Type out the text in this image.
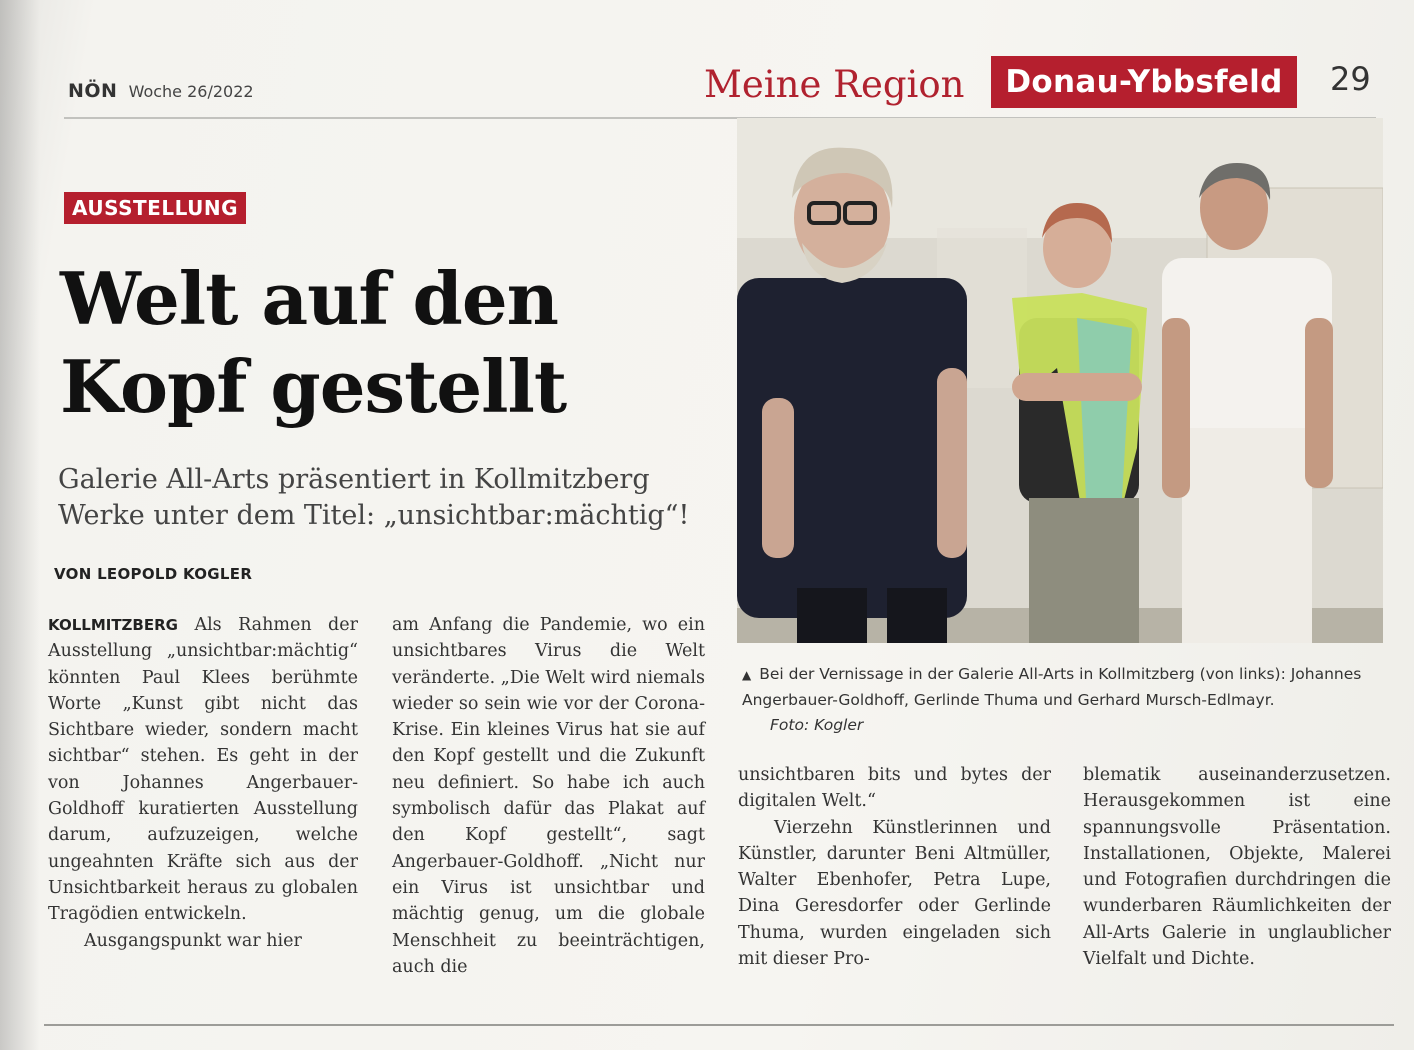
NÖN Woche 26/2022	Meine Region	Donau-Ybbsfeld	29
AUSSTELLUNG
Welt auf den
Kopf gestellt
Galerie All-Arts präsentiert in Kollmitzberg
Werke unter dem Titel: „unsichtbar:mächtig“!
VON LEOPOLD KOGLER

KOLLMITZBERG Als Rahmen der Ausstellung „unsichtbar:mächtig“ könnten Paul Klees berühmte Worte „Kunst gibt nicht das Sichtbare wieder, sondern macht sichtbar“ stehen. Es geht in der von Johannes Angerbauer-Goldhoff kuratierten Ausstellung darum, aufzuzeigen, welche ungeahnten Kräfte sich aus der Unsichtbarkeit heraus zu globalen Tragödien entwickeln.

Ausgangspunkt war hier

am Anfang die Pandemie, wo ein unsichtbares Virus die Welt veränderte. „Die Welt wird niemals wieder so sein wie vor der Corona-Krise. Ein kleines Virus hat sie auf den Kopf gestellt und die Zukunft neu definiert. So habe ich auch symbolisch dafür das Plakat auf den Kopf gestellt“, sagt Angerbauer-Goldhoff. „Nicht nur ein Virus ist unsichtbar und mächtig genug, um die globale Menschheit zu beeinträchtigen, auch die

unsichtbaren bits und bytes der digitalen Welt.“

Vierzehn Künstlerinnen und Künstler, darunter Beni Altmüller, Walter Ebenhofer, Petra Lupe, Dina Geresdorfer oder Gerlinde Thuma, wurden eingeladen sich mit dieser Pro-

blematik auseinanderzusetzen. Herausgekommen ist eine spannungsvolle Präsentation. Installationen, Objekte, Malerei und Fotografien durchdringen die wunderbaren Räumlichkeiten der All-Arts Galerie in unglaublicher Vielfalt und Dichte.

▲ Bei der Vernissage in der Galerie All-Arts in Kollmitzberg (von links): Johannes Angerbauer-Goldhoff, Gerlinde Thuma und Gerhard Mursch-Edlmayr.
Foto: Kogler
